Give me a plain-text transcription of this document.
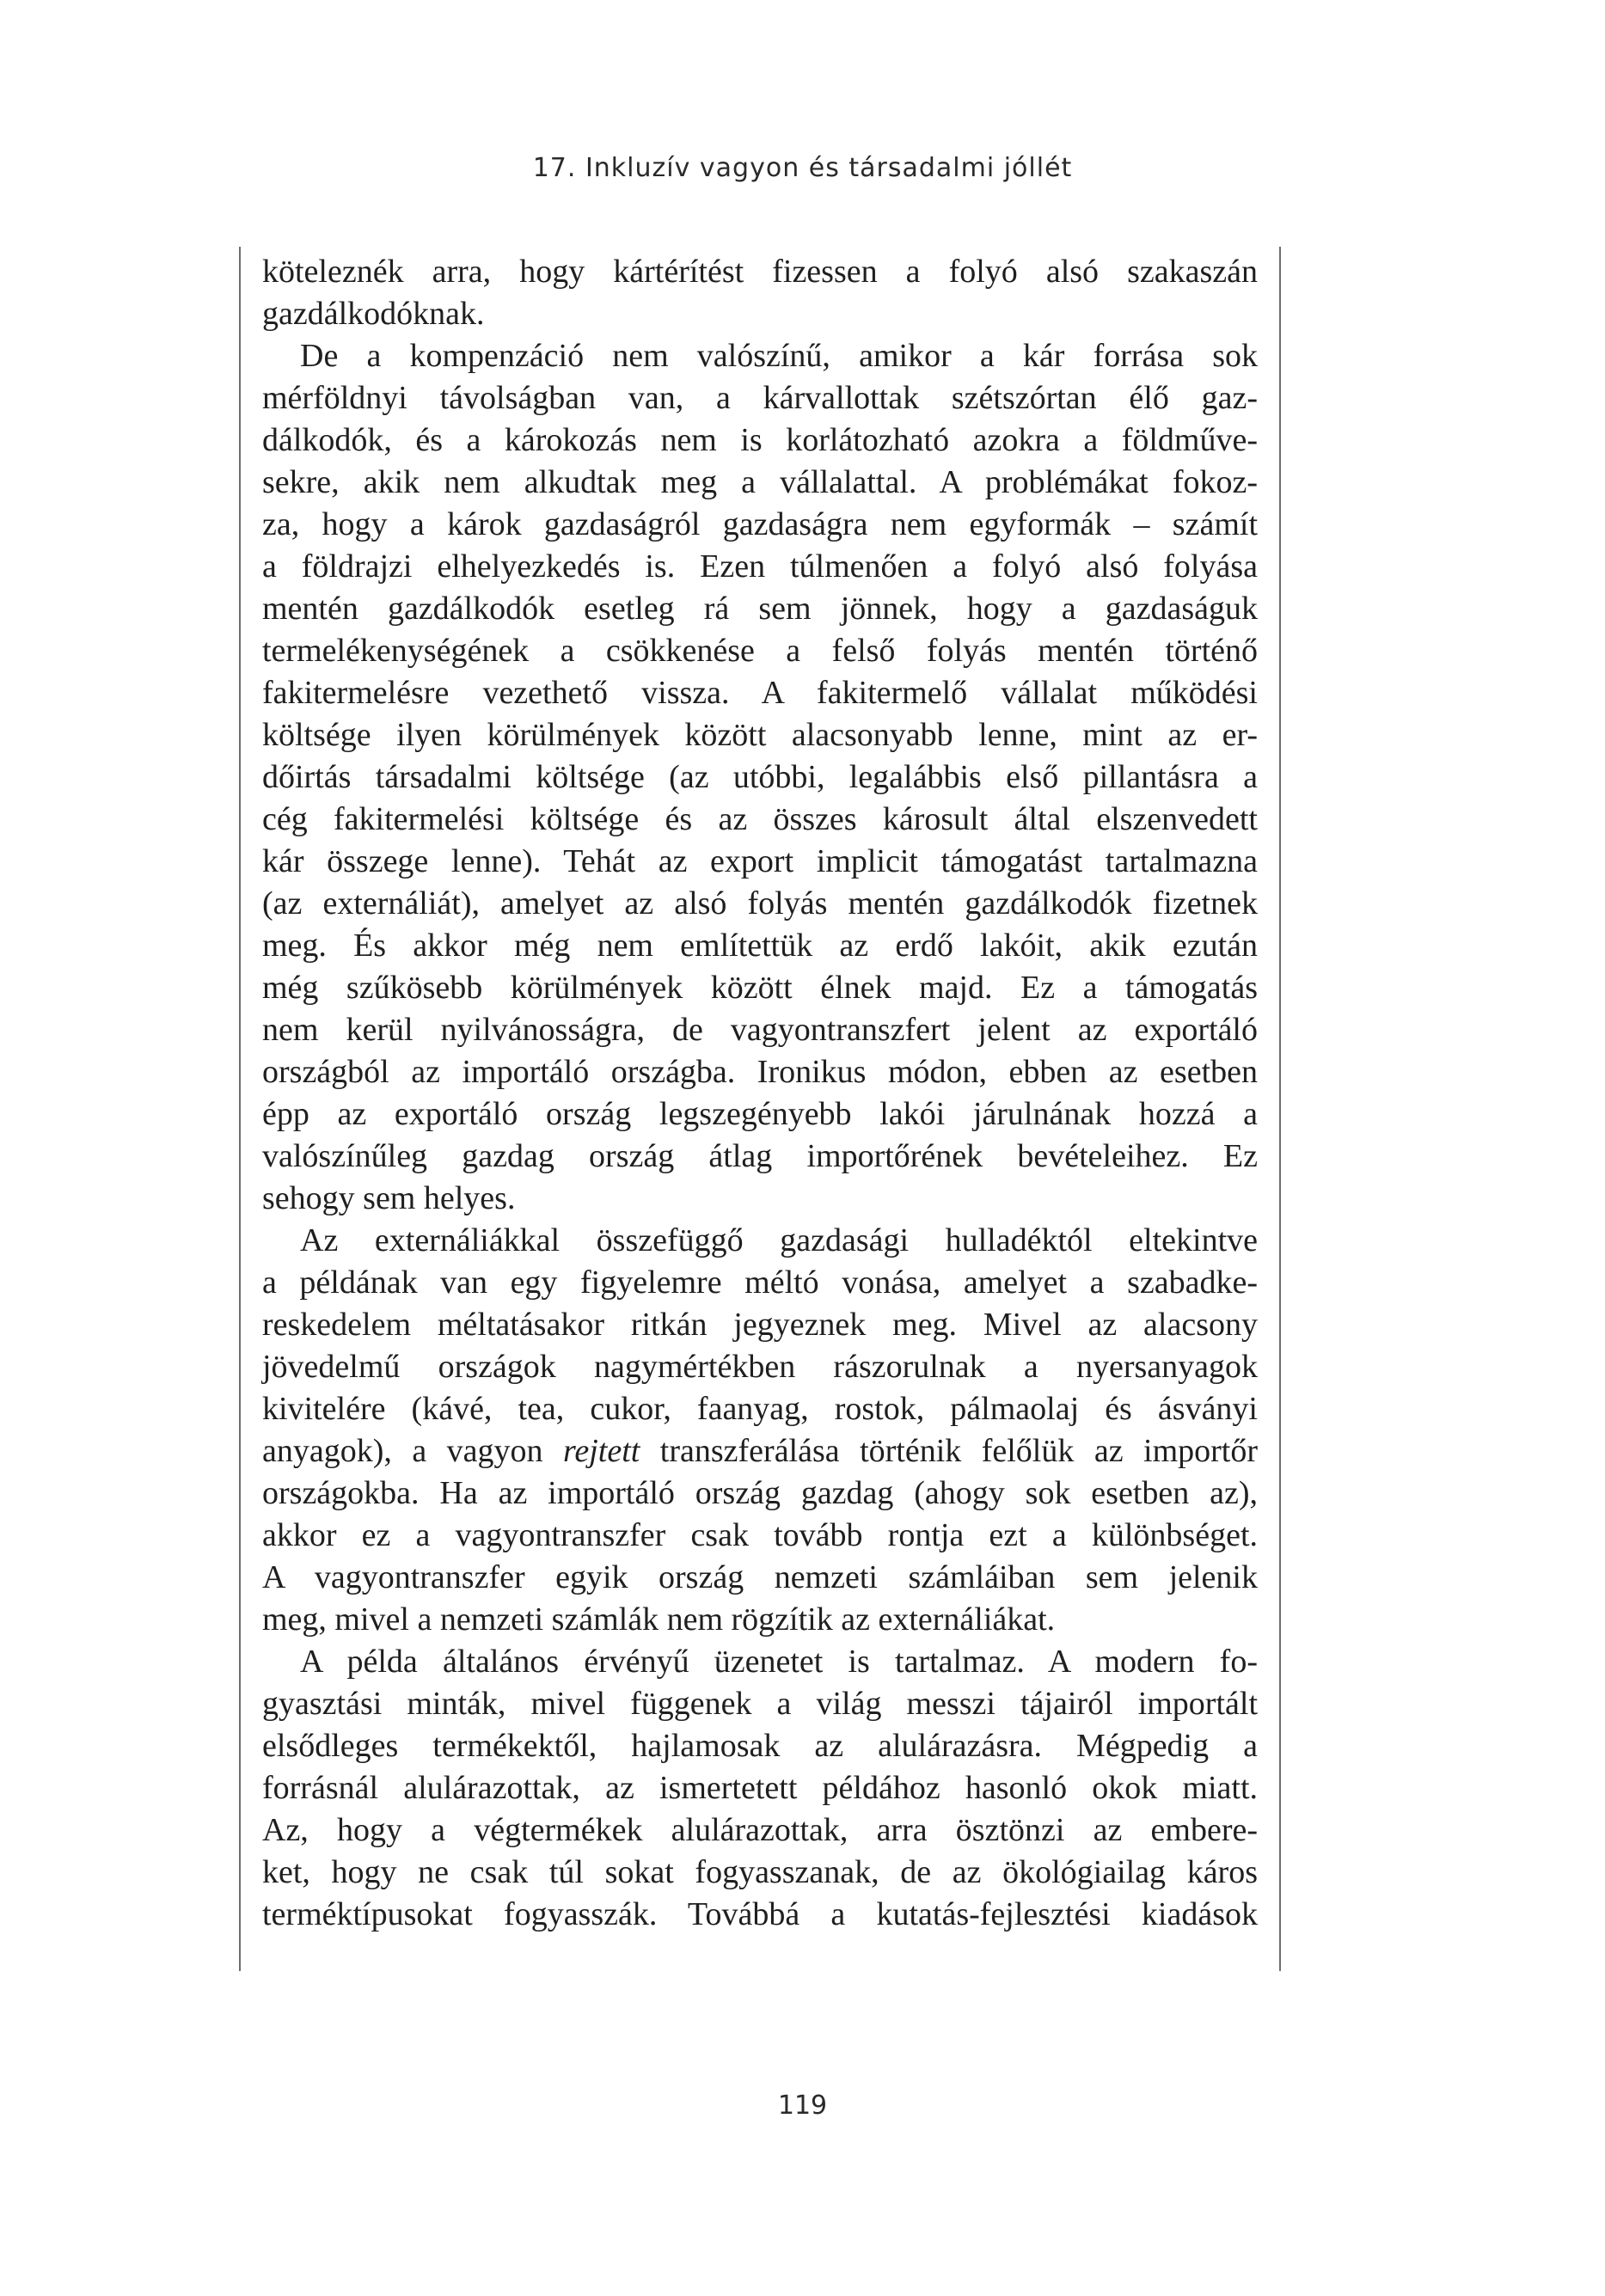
17. Inkluzív vagyon és társadalmi jóllét
köteleznék arra, hogy kártérítést fizessen a folyó alsó szakaszán
gazdálkodóknak.
De a kompenzáció nem valószínű, amikor a kár forrása sok
mérföldnyi távolságban van, a kárvallottak szétszórtan élő gaz-
dálkodók, és a károkozás nem is korlátozható azokra a földműve-
sekre, akik nem alkudtak meg a vállalattal. A problémákat fokoz-
za, hogy a károk gazdaságról gazdaságra nem egyformák – számít
a földrajzi elhelyezkedés is. Ezen túlmenően a folyó alsó folyása
mentén gazdálkodók esetleg rá sem jönnek, hogy a gazdaságuk
termelékenységének a csökkenése a felső folyás mentén történő
fakitermelésre vezethető vissza. A fakitermelő vállalat működési
költsége ilyen körülmények között alacsonyabb lenne, mint az er-
dőirtás társadalmi költsége (az utóbbi, legalábbis első pillantásra a
cég fakitermelési költsége és az összes károsult által elszenvedett
kár összege lenne). Tehát az export implicit támogatást tartalmazna
(az externáliát), amelyet az alsó folyás mentén gazdálkodók fizetnek
meg. És akkor még nem említettük az erdő lakóit, akik ezután
még szűkösebb körülmények között élnek majd. Ez a támogatás
nem kerül nyilvánosságra, de vagyontranszfert jelent az exportáló
országból az importáló országba. Ironikus módon, ebben az esetben
épp az exportáló ország legszegényebb lakói járulnának hozzá a
valószínűleg gazdag ország átlag importőrének bevételeihez. Ez
sehogy sem helyes.
Az externáliákkal összefüggő gazdasági hulladéktól eltekintve
a példának van egy figyelemre méltó vonása, amelyet a szabadke-
reskedelem méltatásakor ritkán jegyeznek meg. Mivel az alacsony
jövedelmű országok nagymértékben rászorulnak a nyersanyagok
kivitelére (kávé, tea, cukor, faanyag, rostok, pálmaolaj és ásványi
anyagok), a vagyon rejtett transzferálása történik felőlük az importőr
országokba. Ha az importáló ország gazdag (ahogy sok esetben az),
akkor ez a vagyontranszfer csak tovább rontja ezt a különbséget.
A vagyontranszfer egyik ország nemzeti számláiban sem jelenik
meg, mivel a nemzeti számlák nem rögzítik az externáliákat.
A példa általános érvényű üzenetet is tartalmaz. A modern fo-
gyasztási minták, mivel függenek a világ messzi tájairól importált
elsődleges termékektől, hajlamosak az alulárazásra. Mégpedig a
forrásnál alulárazottak, az ismertetett példához hasonló okok miatt.
Az, hogy a végtermékek alulárazottak, arra ösztönzi az embere-
ket, hogy ne csak túl sokat fogyasszanak, de az ökológiailag káros
terméktípusokat fogyasszák. Továbbá a kutatás-fejlesztési kiadások
119
